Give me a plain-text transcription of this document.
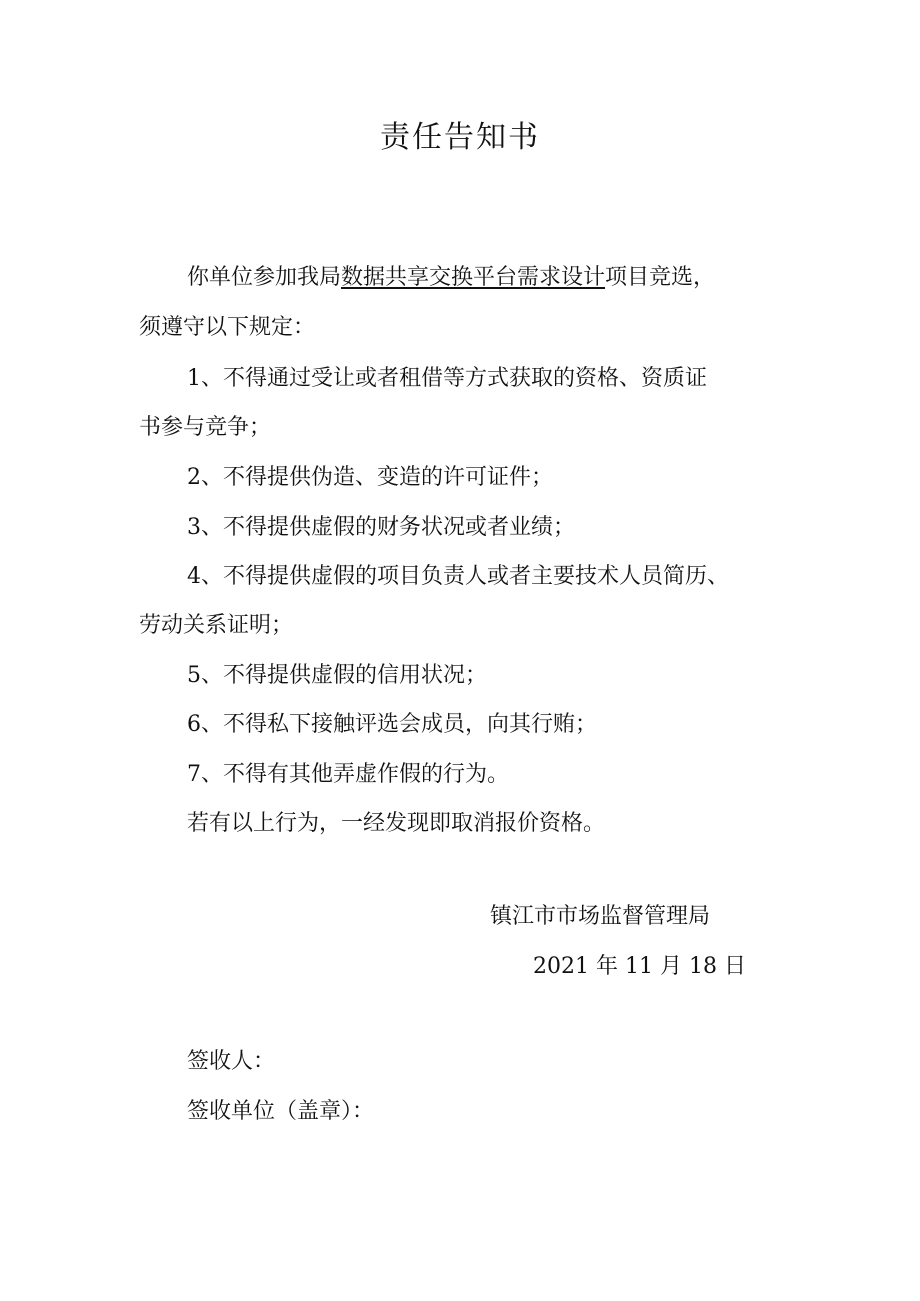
责任告知书
你单位参加我局数据共享交换平台需求设计项目竞选，
须遵守以下规定：
1、不得通过受让或者租借等方式获取的资格、资质证
书参与竞争；
2、不得提供伪造、变造的许可证件；
3、不得提供虚假的财务状况或者业绩；
4、不得提供虚假的项目负责人或者主要技术人员简历、
劳动关系证明；
5、不得提供虚假的信用状况；
6、不得私下接触评选会成员，向其行贿；
7、不得有其他弄虚作假的行为。
若有以上行为，一经发现即取消报价资格。
镇江市市场监督管理局
2021 年 11 月 18 日
签收人：
签收单位（盖章）：
